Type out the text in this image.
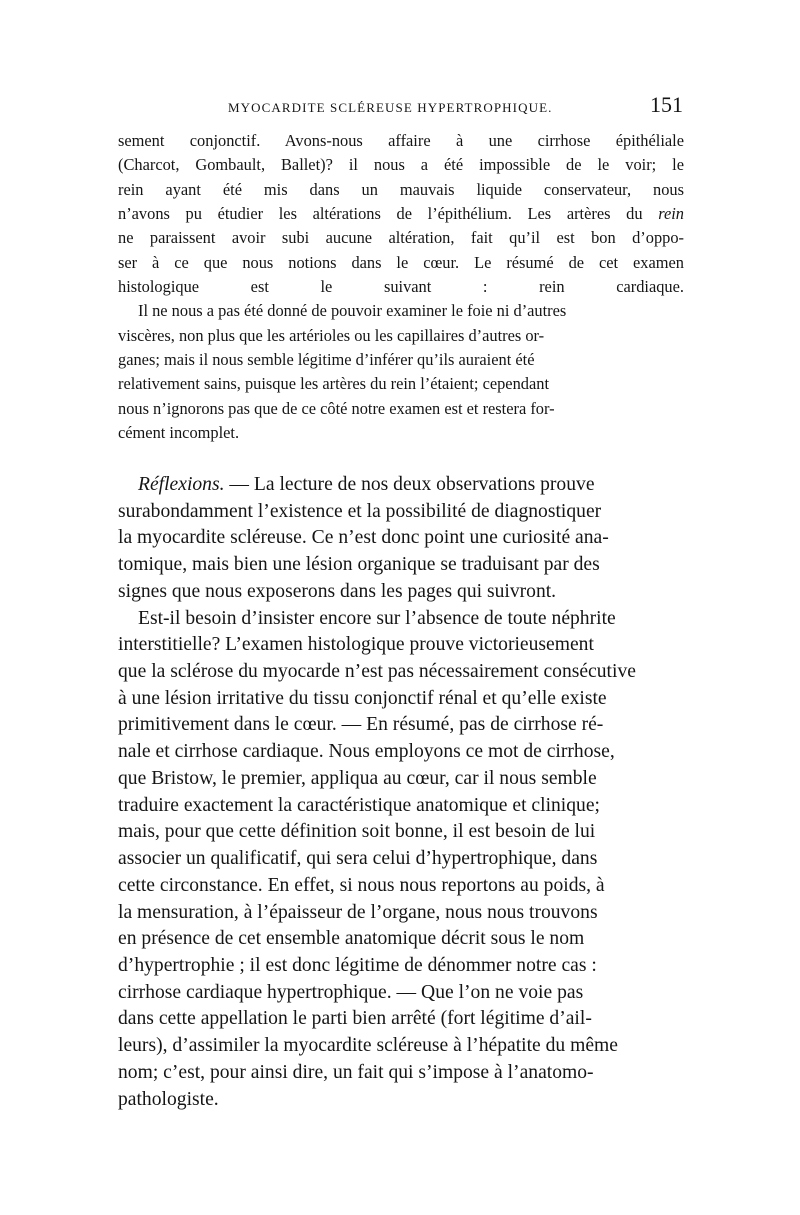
MYOCARDITE SCLÉREUSE HYPERTROPHIQUE.	151

sement conjonctif. Avons-nous affaire à une cirrhose épithéliale
(Charcot, Gombault, Ballet)? il nous a été impossible de le voir; le
rein ayant été mis dans un mauvais liquide conservateur, nous
n’avons pu étudier les altérations de l’épithélium. Les artères du rein
ne paraissent avoir subi aucune altération, fait qu’il est bon d’oppo-
ser à ce que nous notions dans le cœur. Le résumé de cet examen
histologique est le suivant : rein cardiaque.

Il ne nous a pas été donné de pouvoir examiner le foie ni d’autres
viscères, non plus que les artérioles ou les capillaires d’autres or-
ganes; mais il nous semble légitime d’inférer qu’ils auraient été
relativement sains, puisque les artères du rein l’étaient; cependant
nous n’ignorons pas que de ce côté notre examen est et restera for-
cément incomplet.

Réflexions. — La lecture de nos deux observations prouve
surabondamment l’existence et la possibilité de diagnostiquer
la myocardite scléreuse. Ce n’est donc point une curiosité ana-
tomique, mais bien une lésion organique se traduisant par des
signes que nous exposerons dans les pages qui suivront.

Est-il besoin d’insister encore sur l’absence de toute néphrite
interstitielle? L’examen histologique prouve victorieusement
que la sclérose du myocarde n’est pas nécessairement consécutive
à une lésion irritative du tissu conjonctif rénal et qu’elle existe
primitivement dans le cœur. — En résumé, pas de cirrhose ré-
nale et cirrhose cardiaque. Nous employons ce mot de cirrhose,
que Bristow, le premier, appliqua au cœur, car il nous semble
traduire exactement la caractéristique anatomique et clinique;
mais, pour que cette définition soit bonne, il est besoin de lui
associer un qualificatif, qui sera celui d’hypertrophique, dans
cette circonstance. En effet, si nous nous reportons au poids, à
la mensuration, à l’épaisseur de l’organe, nous nous trouvons
en présence de cet ensemble anatomique décrit sous le nom
d’hypertrophie ; il est donc légitime de dénommer notre cas :
cirrhose cardiaque hypertrophique. — Que l’on ne voie pas
dans cette appellation le parti bien arrêté (fort légitime d’ail-
leurs), d’assimiler la myocardite scléreuse à l’hépatite du même
nom; c’est, pour ainsi dire, un fait qui s’impose à l’anatomo-
pathologiste.
